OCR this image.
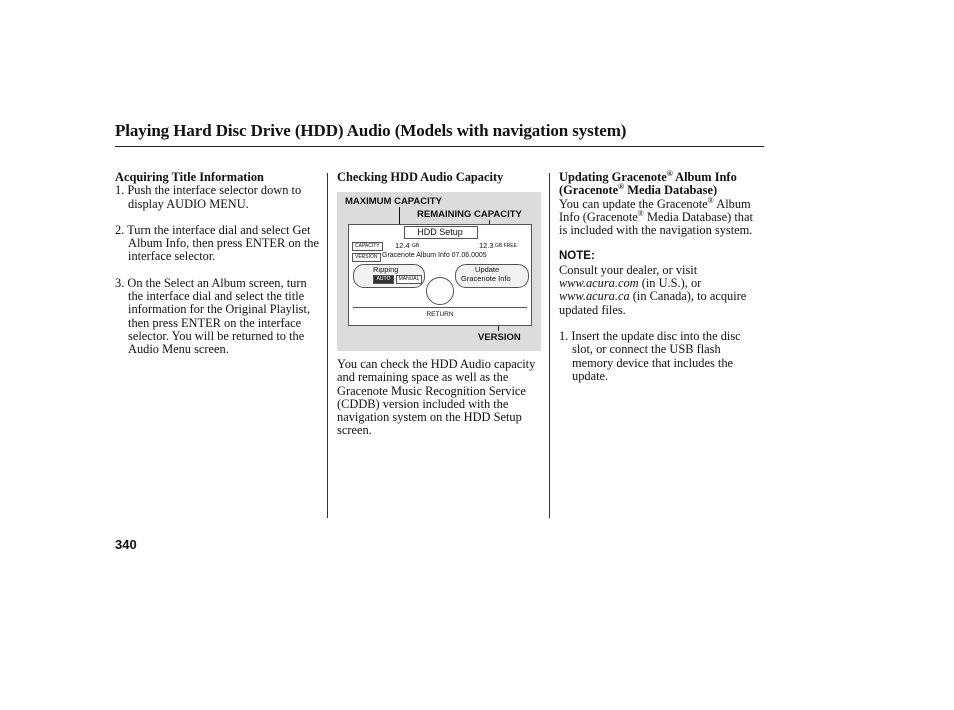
Playing Hard Disc Drive (HDD) Audio (Models with navigation system)
Acquiring Title Information
1. Push the interface selector down to display AUDIO MENU.
2. Turn the interface dial and select Get Album Info, then press ENTER on the interface selector.
3. On the Select an Album screen, turn the interface dial and select the title information for the Original Playlist, then press ENTER on the interface selector. You will be returned to the Audio Menu screen.
Checking HDD Audio Capacity
MAXIMUM CAPACITY
REMAINING CAPACITY
VERSION
HDD Setup
CAPACITY	12.4 GB	12.3 GB FREE
VERSION Gracenote Album Info 07.06.0005
Ripping
AUTO	MANUAL
Update
Gracenote Info
RETURN
You can check the HDD Audio capacity and remaining space as well as the Gracenote Music Recognition Service (CDDB) version included with the navigation system on the HDD Setup screen.
Updating Gracenote® Album Info
(Gracenote® Media Database)
You can update the Gracenote® Album Info (Gracenote® Media Database) that is included with the navigation system.
NOTE:
Consult your dealer, or visit
www.acura.com (in U.S.), or
www.acura.ca (in Canada), to acquire updated files.
1. Insert the update disc into the disc slot, or connect the USB flash memory device that includes the update.
340
